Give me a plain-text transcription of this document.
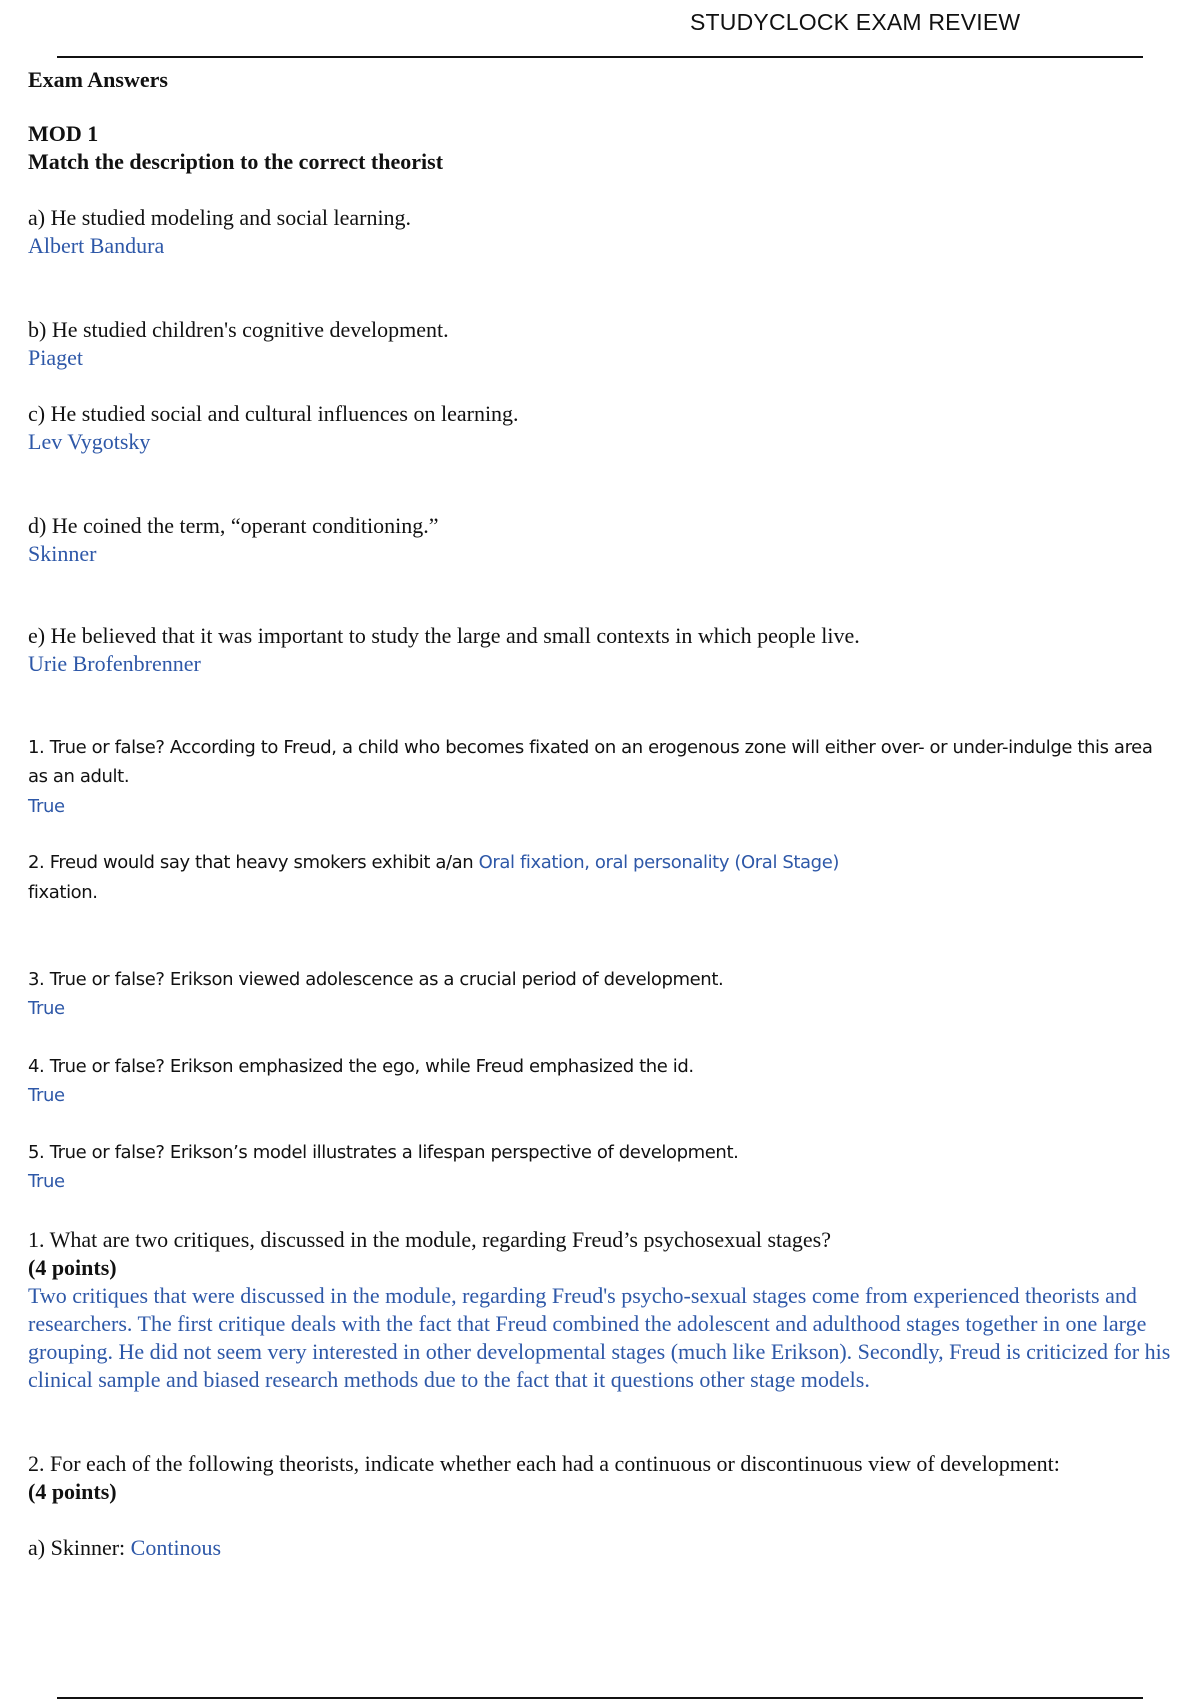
STUDYCLOCK EXAM REVIEW
Exam Answers
MOD 1
Match the description to the correct theorist
a) He studied modeling and social learning.
Albert Bandura
b) He studied children's cognitive development.
Piaget
c) He studied social and cultural influences on learning.
Lev Vygotsky
d) He coined the term, “operant conditioning.”
Skinner
e) He believed that it was important to study the large and small contexts in which people live.
Urie Brofenbrenner
1. True or false? According to Freud, a child who becomes fixated on an erogenous zone will either over- or under-indulge this area
as an adult.
True
2. Freud would say that heavy smokers exhibit a/an Oral fixation, oral personality (Oral Stage)
fixation.
3. True or false? Erikson viewed adolescence as a crucial period of development.
True
4. True or false? Erikson emphasized the ego, while Freud emphasized the id.
True
5. True or false? Erikson’s model illustrates a lifespan perspective of development.
True
1. What are two critiques, discussed in the module, regarding Freud’s psychosexual stages?
(4 points)
Two critiques that were discussed in the module, regarding Freud's psycho-sexual stages come from experienced theorists and researchers. The first critique deals with the fact that Freud combined the adolescent and adulthood stages together in one large grouping. He did not seem very interested in other developmental stages (much like Erikson). Secondly, Freud is criticized for his clinical sample and biased research methods due to the fact that it questions other stage models.
2. For each of the following theorists, indicate whether each had a continuous or discontinuous view of development:
(4 points)
a) Skinner: Continous
